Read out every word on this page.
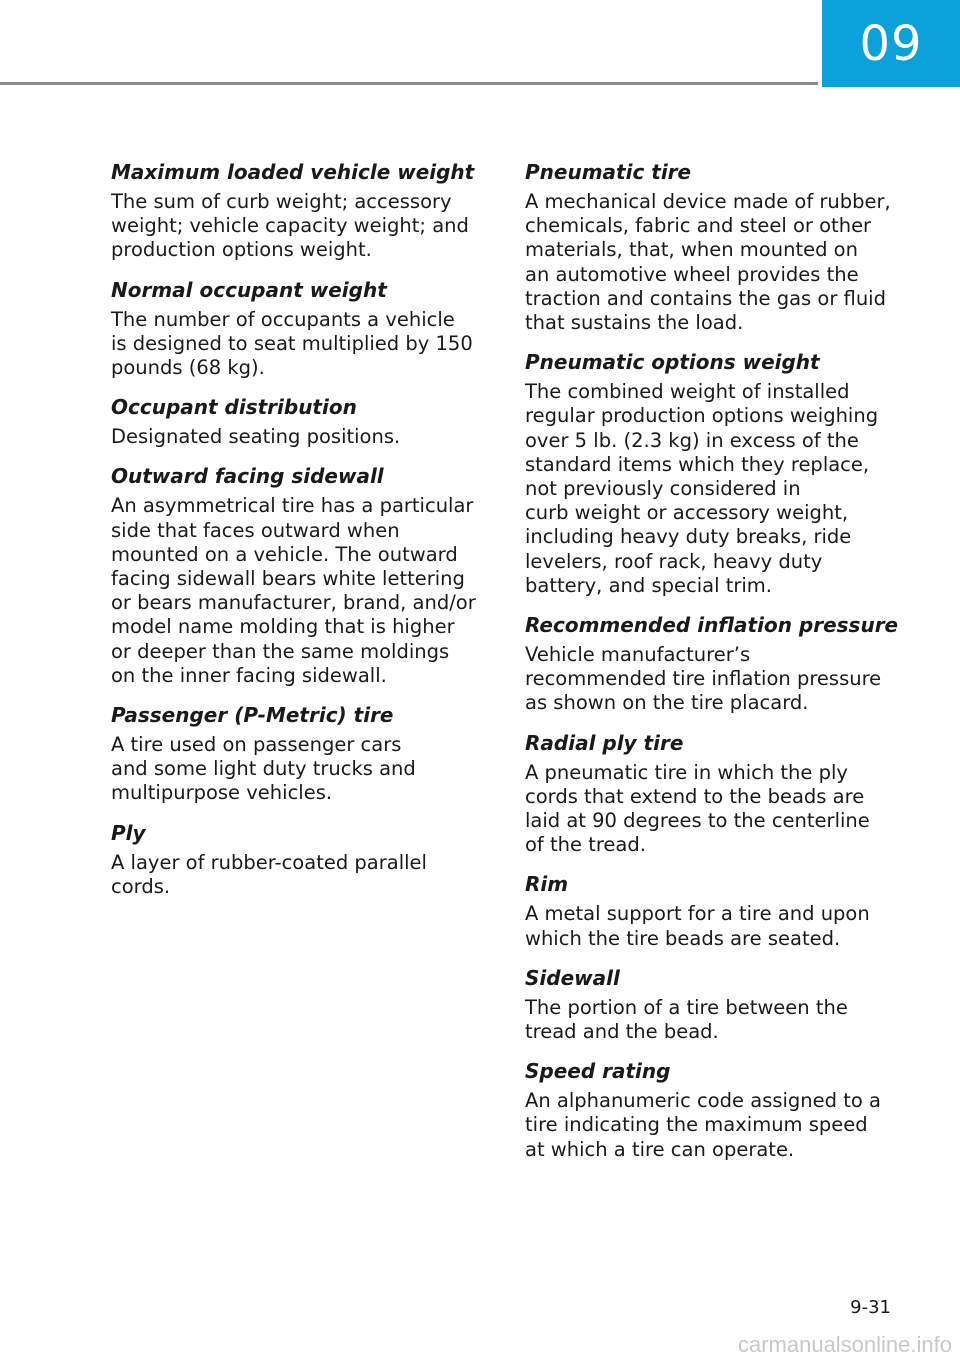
09

Maximum loaded vehicle weight

The sum of curb weight; accessory
weight; vehicle capacity weight; and
production options weight.

Normal occupant weight

The number of occupants a vehicle
is designed to seat multiplied by 150
pounds (68 kg).

Occupant distribution

Designated seating positions.

Outward facing sidewall

An asymmetrical tire has a particular
side that faces outward when
mounted on a vehicle. The outward
facing sidewall bears white lettering
or bears manufacturer, brand, and/or
model name molding that is higher
or deeper than the same moldings
on the inner facing sidewall.

Passenger (P-Metric) tire

A tire used on passenger cars
and some light duty trucks and
multipurpose vehicles.

Ply

A layer of rubber-coated parallel
cords.

Pneumatic tire

A mechanical device made of rubber,
chemicals, fabric and steel or other
materials, that, when mounted on
an automotive wheel provides the
traction and contains the gas or fluid
that sustains the load.

Pneumatic options weight

The combined weight of installed
regular production options weighing
over 5 lb. (2.3 kg) in excess of the
standard items which they replace,
not previously considered in
curb weight or accessory weight,
including heavy duty breaks, ride
levelers, roof rack, heavy duty
battery, and special trim.

Recommended inflation pressure

Vehicle manufacturer’s
recommended tire inflation pressure
as shown on the tire placard.

Radial ply tire

A pneumatic tire in which the ply
cords that extend to the beads are
laid at 90 degrees to the centerline
of the tread.

Rim

A metal support for a tire and upon
which the tire beads are seated.

Sidewall

The portion of a tire between the
tread and the bead.

Speed rating

An alphanumeric code assigned to a
tire indicating the maximum speed
at which a tire can operate.

9-31
carmanualsonline.info
